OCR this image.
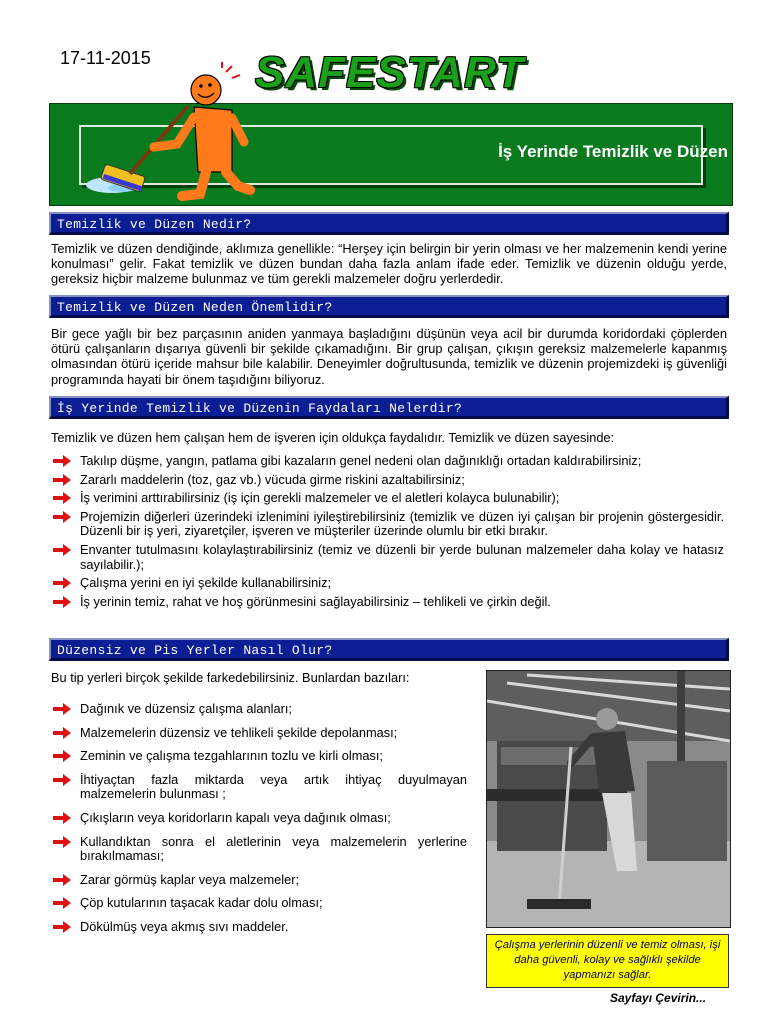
17-11-2015
İş Yerinde Temizlik ve Düzen
SAFESTART
Temizlik ve Düzen Nedir?
Temizlik ve düzen dendiğinde, aklımıza genellikle: “Herşey için belirgin bir yerin olması ve her malzemenin kendi yerine konulması” gelir. Fakat temizlik ve düzen bundan daha fazla anlam ifade eder. Temizlik ve düzenin olduğu yerde, gereksiz hiçbir malzeme bulunmaz ve tüm gerekli malzemeler doğru yerlerdedir.
Temizlik ve Düzen Neden Önemlidir?
Bir gece yağlı bir bez parçasının aniden yanmaya başladığını düşünün veya acil bir durumda koridordaki çöplerden ötürü çalışanların dışarıya güvenli bir şekilde çıkamadığını. Bir grup çalışan, çıkışın gereksiz malzemelerle kapanmış olmasından ötürü içeride mahsur bile kalabilir. Deneyimler doğrultusunda, temizlik ve düzenin projemizdeki iş güvenliği programında hayati bir önem taşıdığını biliyoruz.
İş Yerinde Temizlik ve Düzenin Faydaları Nelerdir?
Temizlik ve düzen hem çalışan hem de işveren için oldukça faydalıdır. Temizlik ve düzen sayesinde:
Takılıp düşme, yangın, patlama gibi kazaların genel nedeni olan dağınıklığı ortadan kaldırabilirsiniz;
Zararlı maddelerin (toz, gaz vb.) vücuda girme riskini azaltabilirsiniz;
İş verimini arttırabilirsiniz (iş için gerekli malzemeler ve el aletleri kolayca bulunabilir);
Projemizin diğerleri üzerindeki izlenimini iyileştirebilirsiniz (temizlik ve düzen iyi çalışan bir projenin göstergesidir. Düzenli bir iş yeri, ziyaretçiler, işveren ve müşteriler üzerinde olumlu bir etki bırakır.
Envanter tutulmasını kolaylaştırabilirsiniz (temiz ve düzenli bir yerde bulunan malzemeler daha kolay ve hatasız sayılabilir.);
Çalışma yerini en iyi şekilde kullanabilirsiniz;
İş yerinin temiz, rahat ve hoş görünmesini sağlayabilirsiniz – tehlikeli ve çirkin değil.
Düzensiz ve Pis Yerler Nasıl Olur?
Bu tip yerleri birçok şekilde farkedebilirsiniz. Bunlardan bazıları:
Dağınık ve düzensiz çalışma alanları;
Malzemelerin düzensiz ve tehlikeli şekilde depolanması;
Zeminin ve çalışma tezgahlarının tozlu ve kirli olması;
İhtiyaçtan fazla miktarda veya artık ihtiyaç duyulmayan malzemelerin bulunması ;
Çıkışların veya koridorların kapalı veya dağınık olması;
Kullandıktan sonra el aletlerinin veya malzemelerin yerlerine bırakılmaması;
Zarar görmüş kaplar veya malzemeler;
Çöp kutularının taşacak kadar dolu olması;
Dökülmüş veya akmış sıvı maddeler.
Çalışma yerlerinin düzenli ve temiz olması, işi daha güvenli, kolay ve sağlıklı şekilde yapmanızı sağlar.
Sayfayı Çevirin...
